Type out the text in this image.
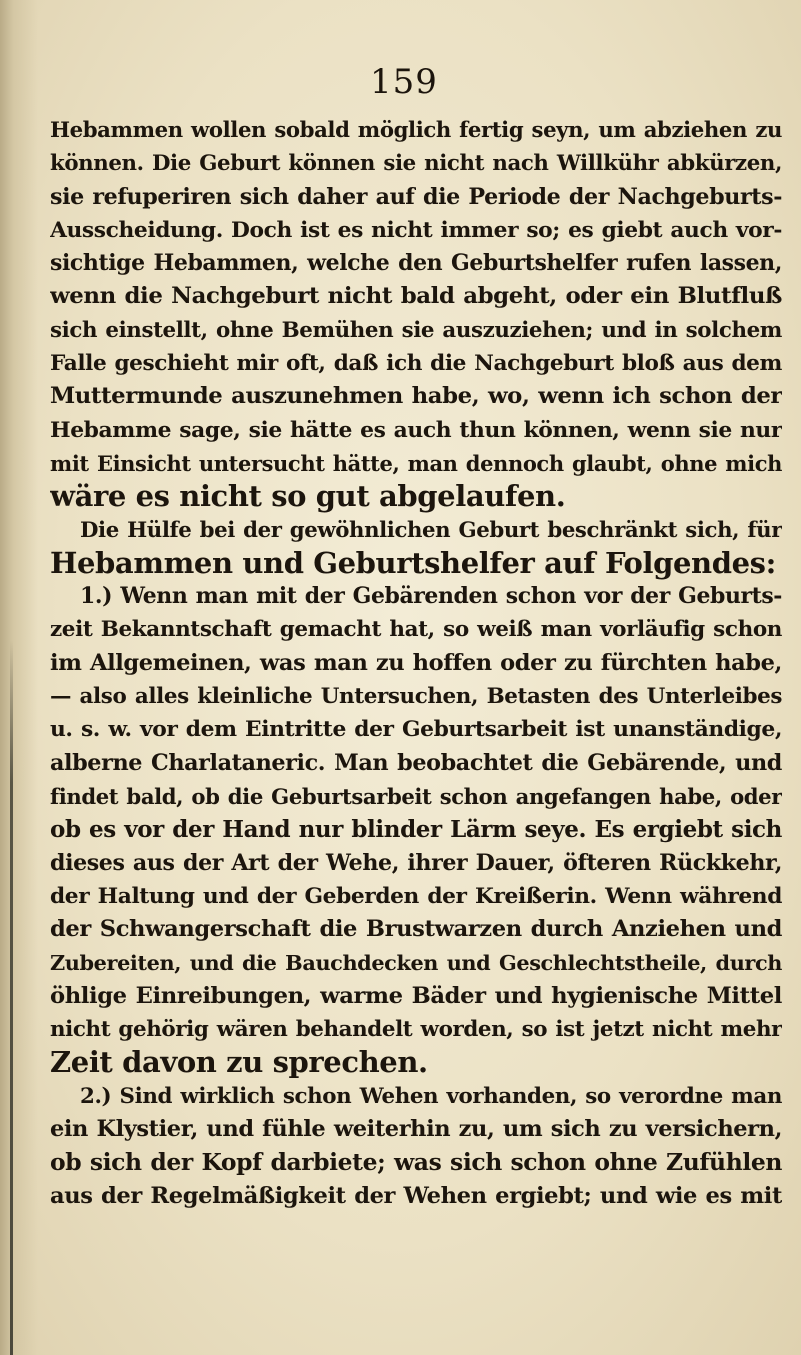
159
Hebammen wollen sobald möglich fertig seyn, um abziehen zu
können. Die Geburt können sie nicht nach Willkühr abkürzen,
sie refuperiren sich daher auf die Periode der Nachgeburts-
Ausscheidung. Doch ist es nicht immer so; es giebt auch vor-
sichtige Hebammen, welche den Geburtshelfer rufen lassen,
wenn die Nachgeburt nicht bald abgeht, oder ein Blutfluß
sich einstellt, ohne Bemühen sie auszuziehen; und in solchem
Falle geschieht mir oft, daß ich die Nachgeburt bloß aus dem
Muttermunde auszunehmen habe, wo, wenn ich schon der
Hebamme sage, sie hätte es auch thun können, wenn sie nur
mit Einsicht untersucht hätte, man dennoch glaubt, ohne mich
wäre es nicht so gut abgelaufen.
Die Hülfe bei der gewöhnlichen Geburt beschränkt sich, für
Hebammen und Geburtshelfer auf Folgendes:
1.) Wenn man mit der Gebärenden schon vor der Geburts-
zeit Bekanntschaft gemacht hat, so weiß man vorläufig schon
im Allgemeinen, was man zu hoffen oder zu fürchten habe,
— also alles kleinliche Untersuchen, Betasten des Unterleibes
u. s. w. vor dem Eintritte der Geburtsarbeit ist unanständige,
alberne Charlataneric. Man beobachtet die Gebärende, und
findet bald, ob die Geburtsarbeit schon angefangen habe, oder
ob es vor der Hand nur blinder Lärm seye. Es ergiebt sich
dieses aus der Art der Wehe, ihrer Dauer, öfteren Rückkehr,
der Haltung und der Geberden der Kreißerin. Wenn während
der Schwangerschaft die Brustwarzen durch Anziehen und
Zubereiten, und die Bauchdecken und Geschlechtstheile, durch
öhlige Einreibungen, warme Bäder und hygienische Mittel
nicht gehörig wären behandelt worden, so ist jetzt nicht mehr
Zeit davon zu sprechen.
2.) Sind wirklich schon Wehen vorhanden, so verordne man
ein Klystier, und fühle weiterhin zu, um sich zu versichern,
ob sich der Kopf darbiete; was sich schon ohne Zufühlen
aus der Regelmäßigkeit der Wehen ergiebt; und wie es mit
